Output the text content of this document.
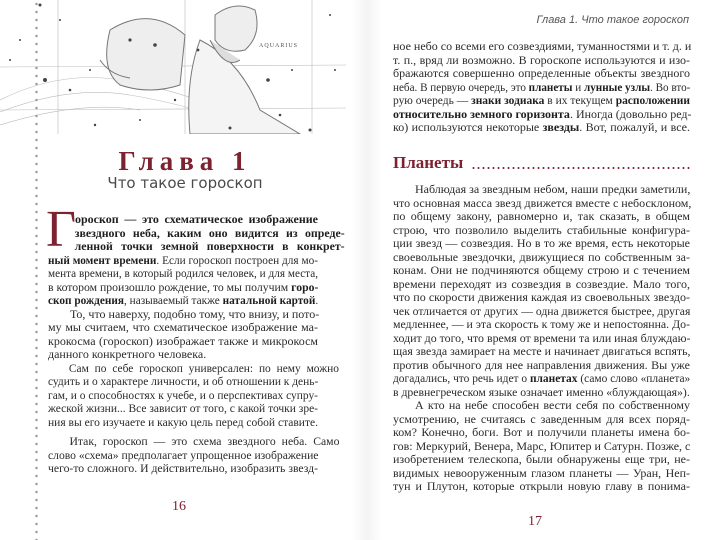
AQUARIUS
Глава 1
Что такое гороскоп
Г
ороскоп — это схематическое изображение
звездного неба, каким оно видится из опреде-
ленной точки земной поверхности в конкрет-
ный момент времени. Если гороскоп построен для мо-
мента времени, в который родился человек, и для места,
в котором произошло рождение, то мы получим горо-
скоп рождения, называемый также натальной картой.
То, что наверху, подобно тому, что внизу, и пото-
му мы считаем, что схематическое изображение ма-
крокосма (гороскоп) изображает также и микрокосм
данного конкретного человека.
Сам по себе гороскоп универсален: по нему можно
судить и о характере личности, и об отношении к день-
гам, и о способностях к учебе, и о перспективах супру-
жеской жизни... Все зависит от того, с какой точки зре-
ния вы его изучаете и какую цель перед собой ставите.
Итак, гороскоп — это схема звездного неба. Само
слово «схема» предполагает упрощенное изображение
чего-то сложного. И действительно, изобразить звезд-
16
Глава 1. Что такое гороскоп
ное небо со всеми его созвездиями, туманностями и т. д. и
т. п., вряд ли возможно. В гороскопе используются и изо-
бражаются совершенно определенные объекты звездного
неба. В первую очередь, это планеты и лунные узлы. Во вто-
рую очередь — знаки зодиака в их текущем расположении
относительно земного горизонта. Иногда (довольно ред-
ко) используются некоторые звезды. Вот, пожалуй, и все.
Планеты
Наблюдая за звездным небом, наши предки заметили,
что основная масса звезд движется вместе с небосклоном,
по общему закону, равномерно и, так сказать, в общем
строю, что позволило выделить стабильные конфигура-
ции звезд — созвездия. Но в то же время, есть некоторые
своевольные звездочки, движущиеся по собственным за-
конам. Они не подчиняются общему строю и с течением
времени переходят из созвездия в созвездие. Мало того,
что по скорости движения каждая из своевольных звездо-
чек отличается от других — одна движется быстрее, другая
медленнее, — и эта скорость к тому же и непостоянна. До-
ходит до того, что время от времени та или иная блуждаю-
щая звезда замирает на месте и начинает двигаться вспять,
против обычного для нее направления движения. Вы уже
догадались, что речь идет о планетах (само слово «планета»
в древнегреческом языке означает именно «блуждающая»).
А кто на небе способен вести себя по собственному
усмотрению, не считаясь с заведенным для всех поряд-
ком? Конечно, боги. Вот и получили планеты имена бо-
гов: Меркурий, Венера, Марс, Юпитер и Сатурн. Позже, с
изобретением телескопа, были обнаружены еще три, не-
видимых невооруженным глазом планеты — Уран, Неп-
тун и Плутон, которые открыли новую главу в понима-
17
